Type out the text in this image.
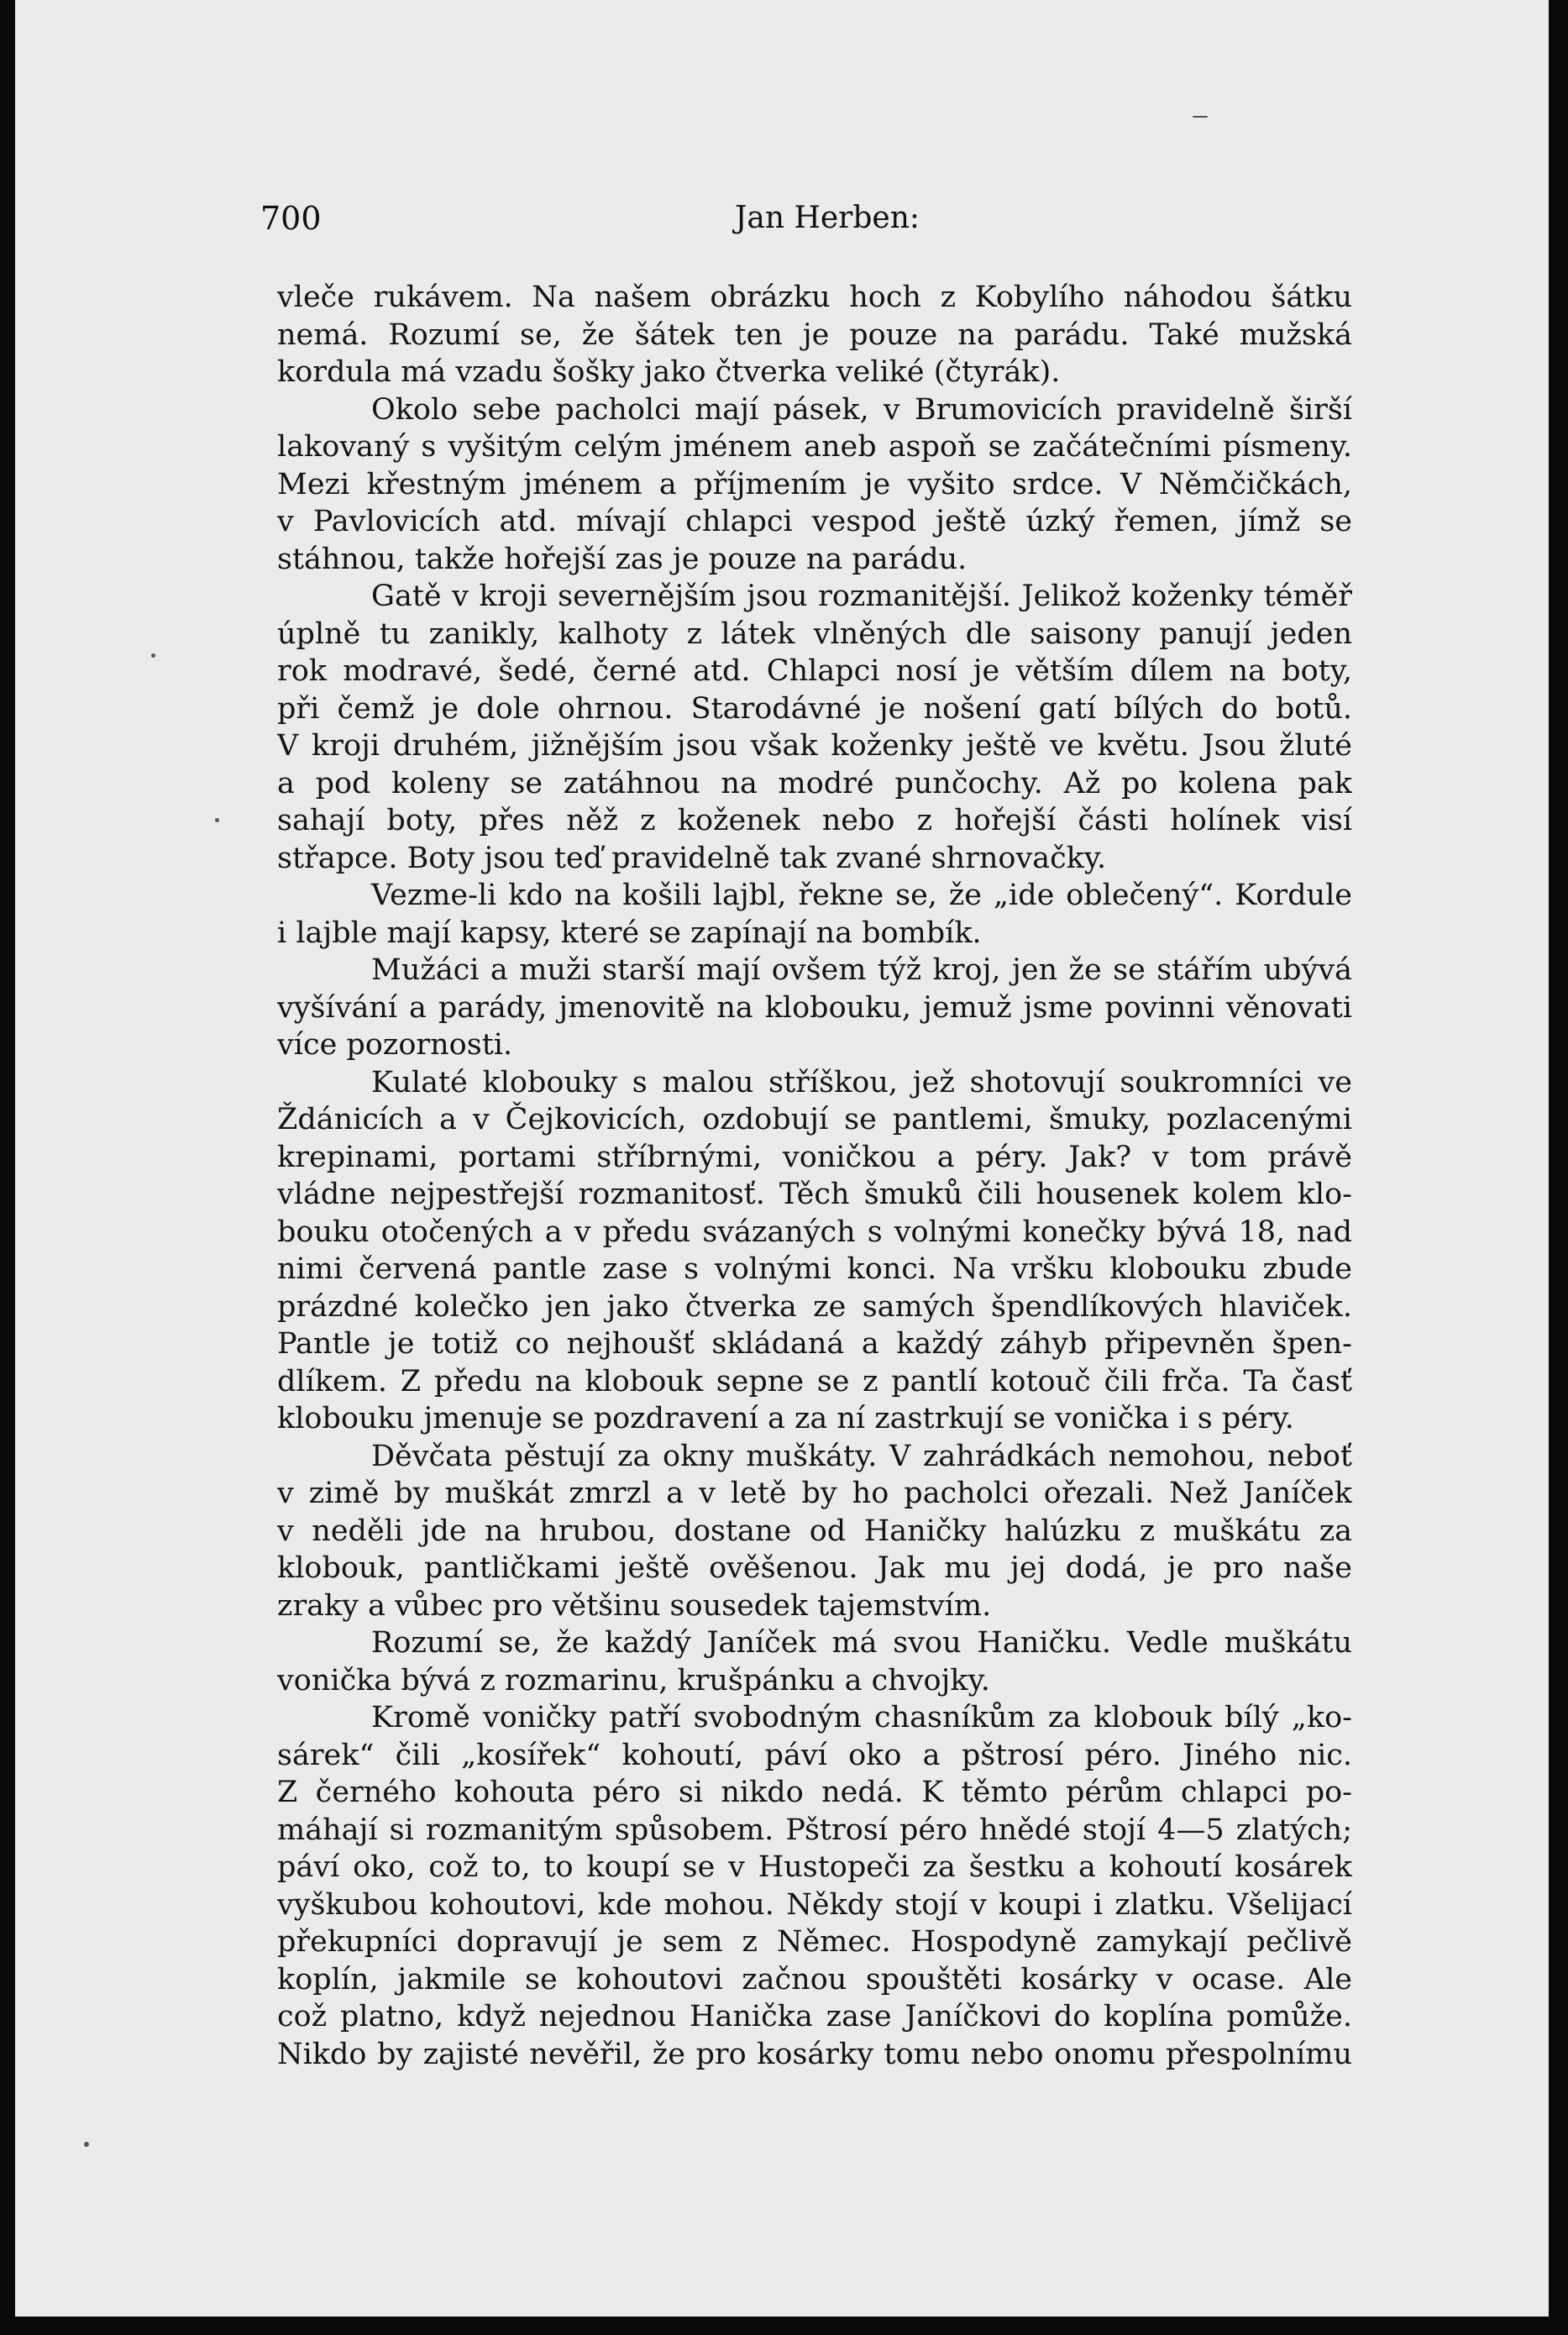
700	Jan Herben:
vleče rukávem. Na našem obrázku hoch z Kobylího náhodou šátku
nemá. Rozumí se, že šátek ten je pouze na parádu. Také mužská
kordula má vzadu šošky jako čtverka veliké (čtyrák).
Okolo sebe pacholci mají pásek, v Brumovicích pravidelně širší
lakovaný s vyšitým celým jménem aneb aspoň se začátečními písmeny.
Mezi křestným jménem a příjmením je vyšito srdce. V Němčičkách,
v Pavlovicích atd. mívají chlapci vespod ještě úzký řemen, jímž se
stáhnou, takže hořejší zas je pouze na parádu.
Gatě v kroji severnějším jsou rozmanitější. Jelikož koženky téměř
úplně tu zanikly, kalhoty z látek vlněných dle saisony panují jeden
rok modravé, šedé, černé atd. Chlapci nosí je větším dílem na boty,
při čemž je dole ohrnou. Starodávné je nošení gatí bílých do botů.
V kroji druhém, jižnějším jsou však koženky ještě ve květu. Jsou žluté
a pod koleny se zatáhnou na modré punčochy. Až po kolena pak
sahají boty, přes něž z koženek nebo z hořejší části holínek visí
střapce. Boty jsou teď pravidelně tak zvané shrnovačky.
Vezme-li kdo na košili lajbl, řekne se, že „ide oblečený“. Kordule
i lajble mají kapsy, které se zapínají na bombík.
Mužáci a muži starší mají ovšem týž kroj, jen že se stářím ubývá
vyšívání a parády, jmenovitě na klobouku, jemuž jsme povinni věnovati
více pozornosti.
Kulaté klobouky s malou stříškou, jež shotovují soukromníci ve
Ždánicích a v Čejkovicích, ozdobují se pantlemi, šmuky, pozlacenými
krepinami, portami stříbrnými, voničkou a péry. Jak? v tom právě
vládne nejpestřejší rozmanitosť. Těch šmuků čili housenek kolem klo-
bouku otočených a v předu svázaných s volnými konečky bývá 18, nad
nimi červená pantle zase s volnými konci. Na vršku klobouku zbude
prázdné kolečko jen jako čtverka ze samých špendlíkových hlaviček.
Pantle je totiž co nejhoušť skládaná a každý záhyb připevněn špen-
dlíkem. Z předu na klobouk sepne se z pantlí kotouč čili frča. Ta časť
klobouku jmenuje se pozdravení a za ní zastrkují se vonička i s péry.
Děvčata pěstují za okny muškáty. V zahrádkách nemohou, neboť
v zimě by muškát zmrzl a v letě by ho pacholci ořezali. Než Janíček
v neděli jde na hrubou, dostane od Haničky halúzku z muškátu za
klobouk, pantličkami ještě ověšenou. Jak mu jej dodá, je pro naše
zraky a vůbec pro většinu sousedek tajemstvím.
Rozumí se, že každý Janíček má svou Haničku. Vedle muškátu
vonička bývá z rozmarinu, krušpánku a chvojky.
Kromě voničky patří svobodným chasníkům za klobouk bílý „ko-
sárek“ čili „kosířek“ kohoutí, páví oko a pštrosí péro. Jiného nic.
Z černého kohouta péro si nikdo nedá. K těmto pérům chlapci po-
máhají si rozmanitým spůsobem. Pštrosí péro hnědé stojí 4—5 zlatých;
páví oko, což to, to koupí se v Hustopeči za šestku a kohoutí kosárek
vyškubou kohoutovi, kde mohou. Někdy stojí v koupi i zlatku. Všelijací
překupníci dopravují je sem z Němec. Hospodyně zamykají pečlivě
koplín, jakmile se kohoutovi začnou spouštěti kosárky v ocase. Ale
což platno, když nejednou Hanička zase Janíčkovi do koplína pomůže.
Nikdo by zajisté nevěřil, že pro kosárky tomu nebo onomu přespolnímu
